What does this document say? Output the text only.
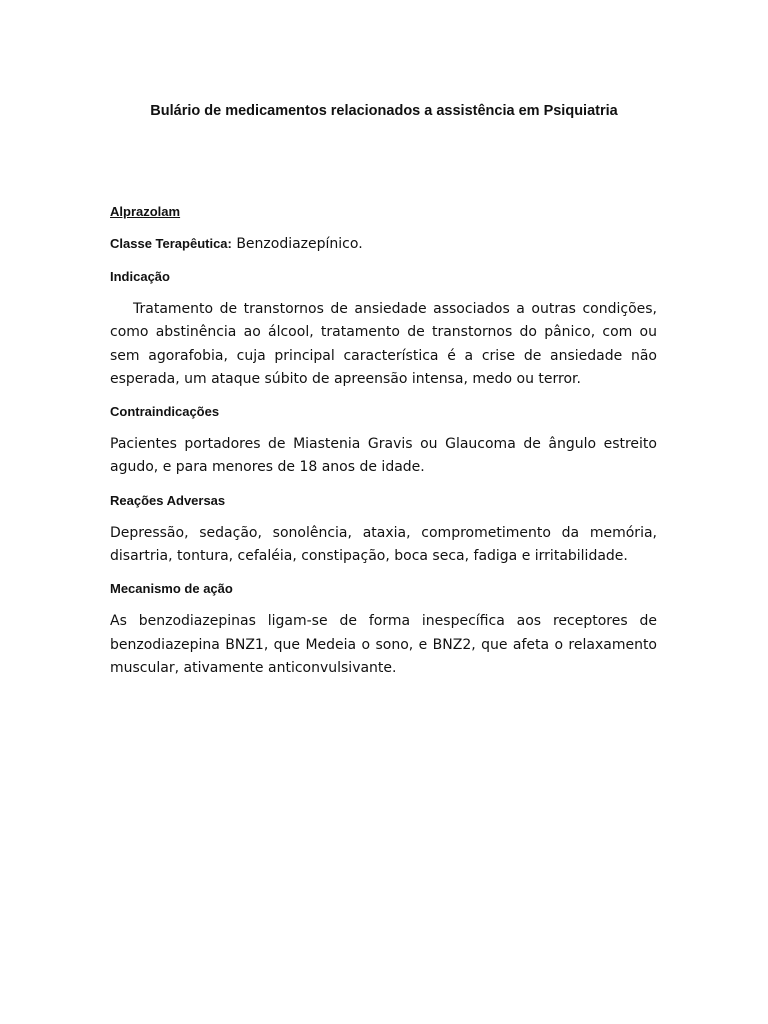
Bulário de medicamentos relacionados a assistência em Psiquiatria

Alprazolam

Classe Terapêutica: Benzodiazepínico.

Indicação

Tratamento de transtornos de ansiedade associados a outras condições, como abstinência ao álcool, tratamento de transtornos do pânico, com ou sem agorafobia, cuja principal característica é a crise de ansiedade não esperada, um ataque súbito de apreensão intensa, medo ou terror.

Contraindicações

Pacientes portadores de Miastenia Gravis ou Glaucoma de ângulo estreito agudo, e para menores de 18 anos de idade.

Reações Adversas

Depressão, sedação, sonolência, ataxia, comprometimento da memória, disartria, tontura, cefaléia, constipação, boca seca, fadiga e irritabilidade.

Mecanismo de ação

As benzodiazepinas ligam-se de forma inespecífica aos receptores de benzodiazepina BNZ1, que Medeia o sono, e BNZ2, que afeta o relaxamento muscular, ativamente anticonvulsivante.
